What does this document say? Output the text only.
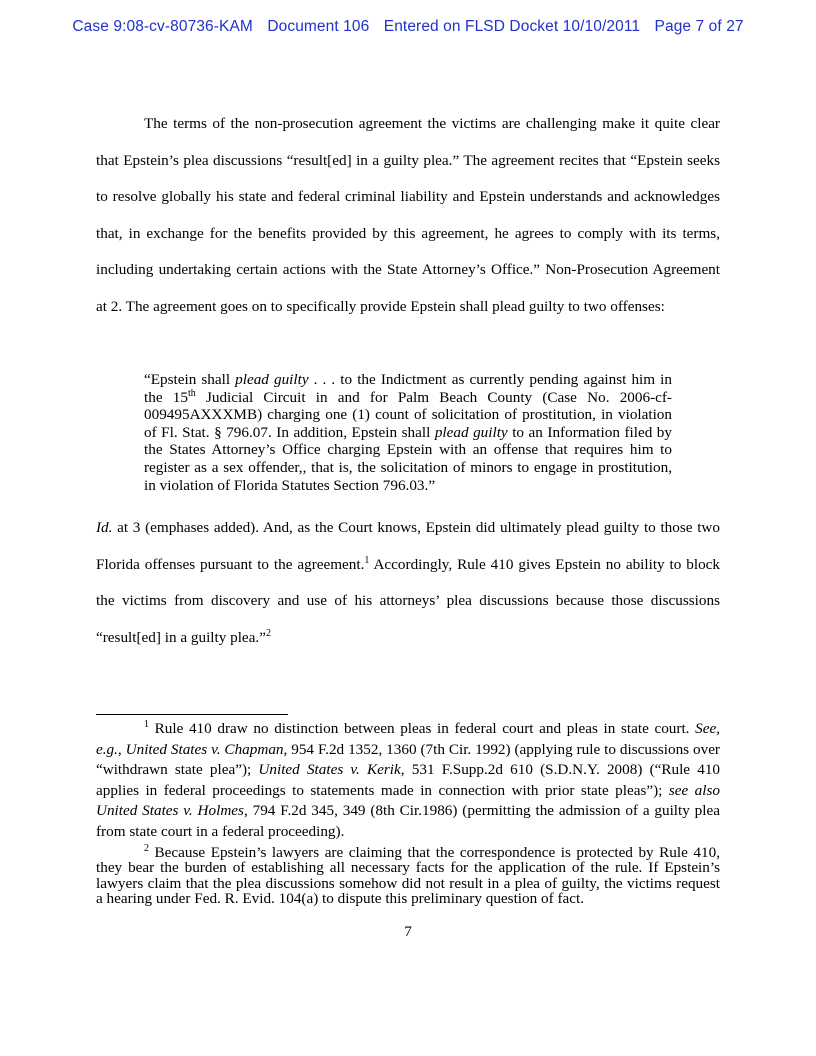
Case 9:08-cv-80736-KAM Document 106 Entered on FLSD Docket 10/10/2011 Page 7 of 27

The terms of the non-prosecution agreement the victims are challenging make it quite clear that Epstein’s plea discussions “result[ed] in a guilty plea.” The agreement recites that “Epstein seeks to resolve globally his state and federal criminal liability and Epstein understands and acknowledges that, in exchange for the benefits provided by this agreement, he agrees to comply with its terms, including undertaking certain actions with the State Attorney’s Office.” Non-Prosecution Agreement at 2. The agreement goes on to specifically provide Epstein shall plead guilty to two offenses:

“Epstein shall plead guilty . . . to the Indictment as currently pending against him in the 15th Judicial Circuit in and for Palm Beach County (Case No. 2006-cf-009495AXXXMB) charging one (1) count of solicitation of prostitution, in violation of Fl. Stat. § 796.07. In addition, Epstein shall plead guilty to an Information filed by the States Attorney’s Office charging Epstein with an offense that requires him to register as a sex offender,, that is, the solicitation of minors to engage in prostitution, in violation of Florida Statutes Section 796.03.”

Id. at 3 (emphases added). And, as the Court knows, Epstein did ultimately plead guilty to those two Florida offenses pursuant to the agreement.$^1$ Accordingly, Rule 410 gives Epstein no ability to block the victims from discovery and use of his attorneys’ plea discussions because those discussions “result[ed] in a guilty plea.”$^2$

$^1$ Rule 410 draw no distinction between pleas in federal court and pleas in state court. See, e.g., United States v. Chapman, 954 F.2d 1352, 1360 (7th Cir. 1992) (applying rule to discussions over “withdrawn state plea”); United States v. Kerik, 531 F.Supp.2d 610 (S.D.N.Y. 2008) (“Rule 410 applies in federal proceedings to statements made in connection with prior state pleas”); see also United States v. Holmes, 794 F.2d 345, 349 (8th Cir.1986) (permitting the admission of a guilty plea from state court in a federal proceeding).

$^2$ Because Epstein’s lawyers are claiming that the correspondence is protected by Rule 410, they bear the burden of establishing all necessary facts for the application of the rule. If Epstein’s lawyers claim that the plea discussions somehow did not result in a plea of guilty, the victims request a hearing under Fed. R. Evid. 104(a) to dispute this preliminary question of fact.

7
